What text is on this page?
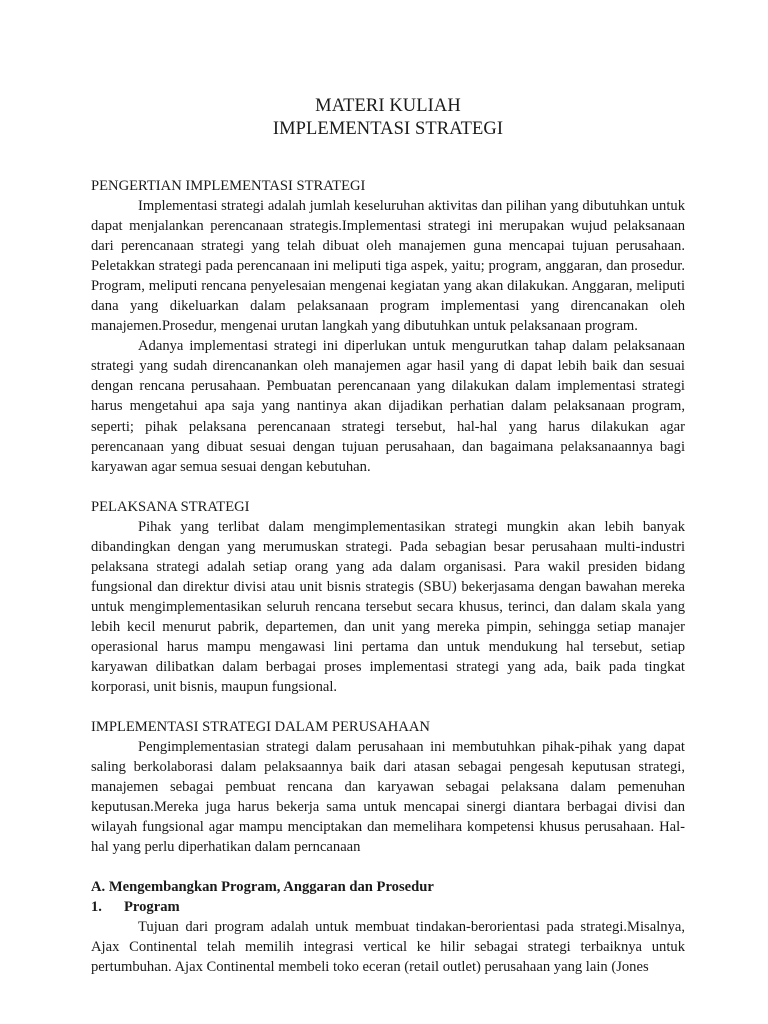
MATERI KULIAH
IMPLEMENTASI STRATEGI
PENGERTIAN IMPLEMENTASI STRATEGI

Implementasi strategi adalah jumlah keseluruhan aktivitas dan pilihan yang dibutuhkan untuk dapat menjalankan perencanaan strategis.Implementasi strategi ini merupakan wujud pelaksanaan dari perencanaan strategi yang telah dibuat oleh manajemen guna mencapai tujuan perusahaan. Peletakkan strategi pada perencanaan ini meliputi tiga aspek, yaitu; program, anggaran, dan prosedur. Program, meliputi rencana penyelesaian mengenai kegiatan yang akan dilakukan. Anggaran, meliputi dana yang dikeluarkan dalam pelaksanaan program implementasi yang direncanakan oleh manajemen.Prosedur, mengenai urutan langkah yang dibutuhkan untuk pelaksanaan program.

Adanya implementasi strategi ini diperlukan untuk mengurutkan tahap dalam pelaksanaan strategi yang sudah direncanankan oleh manajemen agar hasil yang di dapat lebih baik dan sesuai dengan rencana perusahaan. Pembuatan perencanaan yang dilakukan dalam implementasi strategi harus mengetahui apa saja yang nantinya akan dijadikan perhatian dalam pelaksanaan program, seperti; pihak pelaksana perencanaan strategi tersebut, hal-hal yang harus dilakukan agar perencanaan yang dibuat sesuai dengan tujuan perusahaan, dan bagaimana pelaksanaannya bagi karyawan agar semua sesuai dengan kebutuhan.

PELAKSANA STRATEGI

Pihak yang terlibat dalam mengimplementasikan strategi mungkin akan lebih banyak dibandingkan dengan yang merumuskan strategi. Pada sebagian besar perusahaan multi-industri pelaksana strategi adalah setiap orang yang ada dalam organisasi. Para wakil presiden bidang fungsional dan direktur divisi atau unit bisnis strategis (SBU) bekerjasama dengan bawahan mereka untuk mengimplementasikan seluruh rencana tersebut secara khusus, terinci, dan dalam skala yang lebih kecil menurut pabrik, departemen, dan unit yang mereka pimpin, sehingga setiap manajer operasional harus mampu mengawasi lini pertama dan untuk mendukung hal tersebut, setiap karyawan dilibatkan dalam berbagai proses implementasi strategi yang ada, baik pada tingkat korporasi, unit bisnis, maupun fungsional.

IMPLEMENTASI STRATEGI DALAM PERUSAHAAN

Pengimplementasian strategi dalam perusahaan ini membutuhkan pihak-pihak yang dapat saling berkolaborasi dalam pelaksaannya baik dari atasan sebagai pengesah keputusan strategi, manajemen sebagai pembuat rencana dan karyawan sebagai pelaksana dalam pemenuhan keputusan.Mereka juga harus bekerja sama untuk mencapai sinergi diantara berbagai divisi dan wilayah fungsional agar mampu menciptakan dan memelihara kompetensi khusus perusahaan. Hal-hal yang perlu diperhatikan dalam perncanaan

A. Mengembangkan Program, Anggaran dan Prosedur
1.	Program

Tujuan dari program adalah untuk membuat tindakan-berorientasi pada strategi.Misalnya, Ajax Continental telah memilih integrasi vertical ke hilir sebagai strategi terbaiknya untuk pertumbuhan. Ajax Continental membeli toko eceran (retail outlet) perusahaan yang lain (Jones
